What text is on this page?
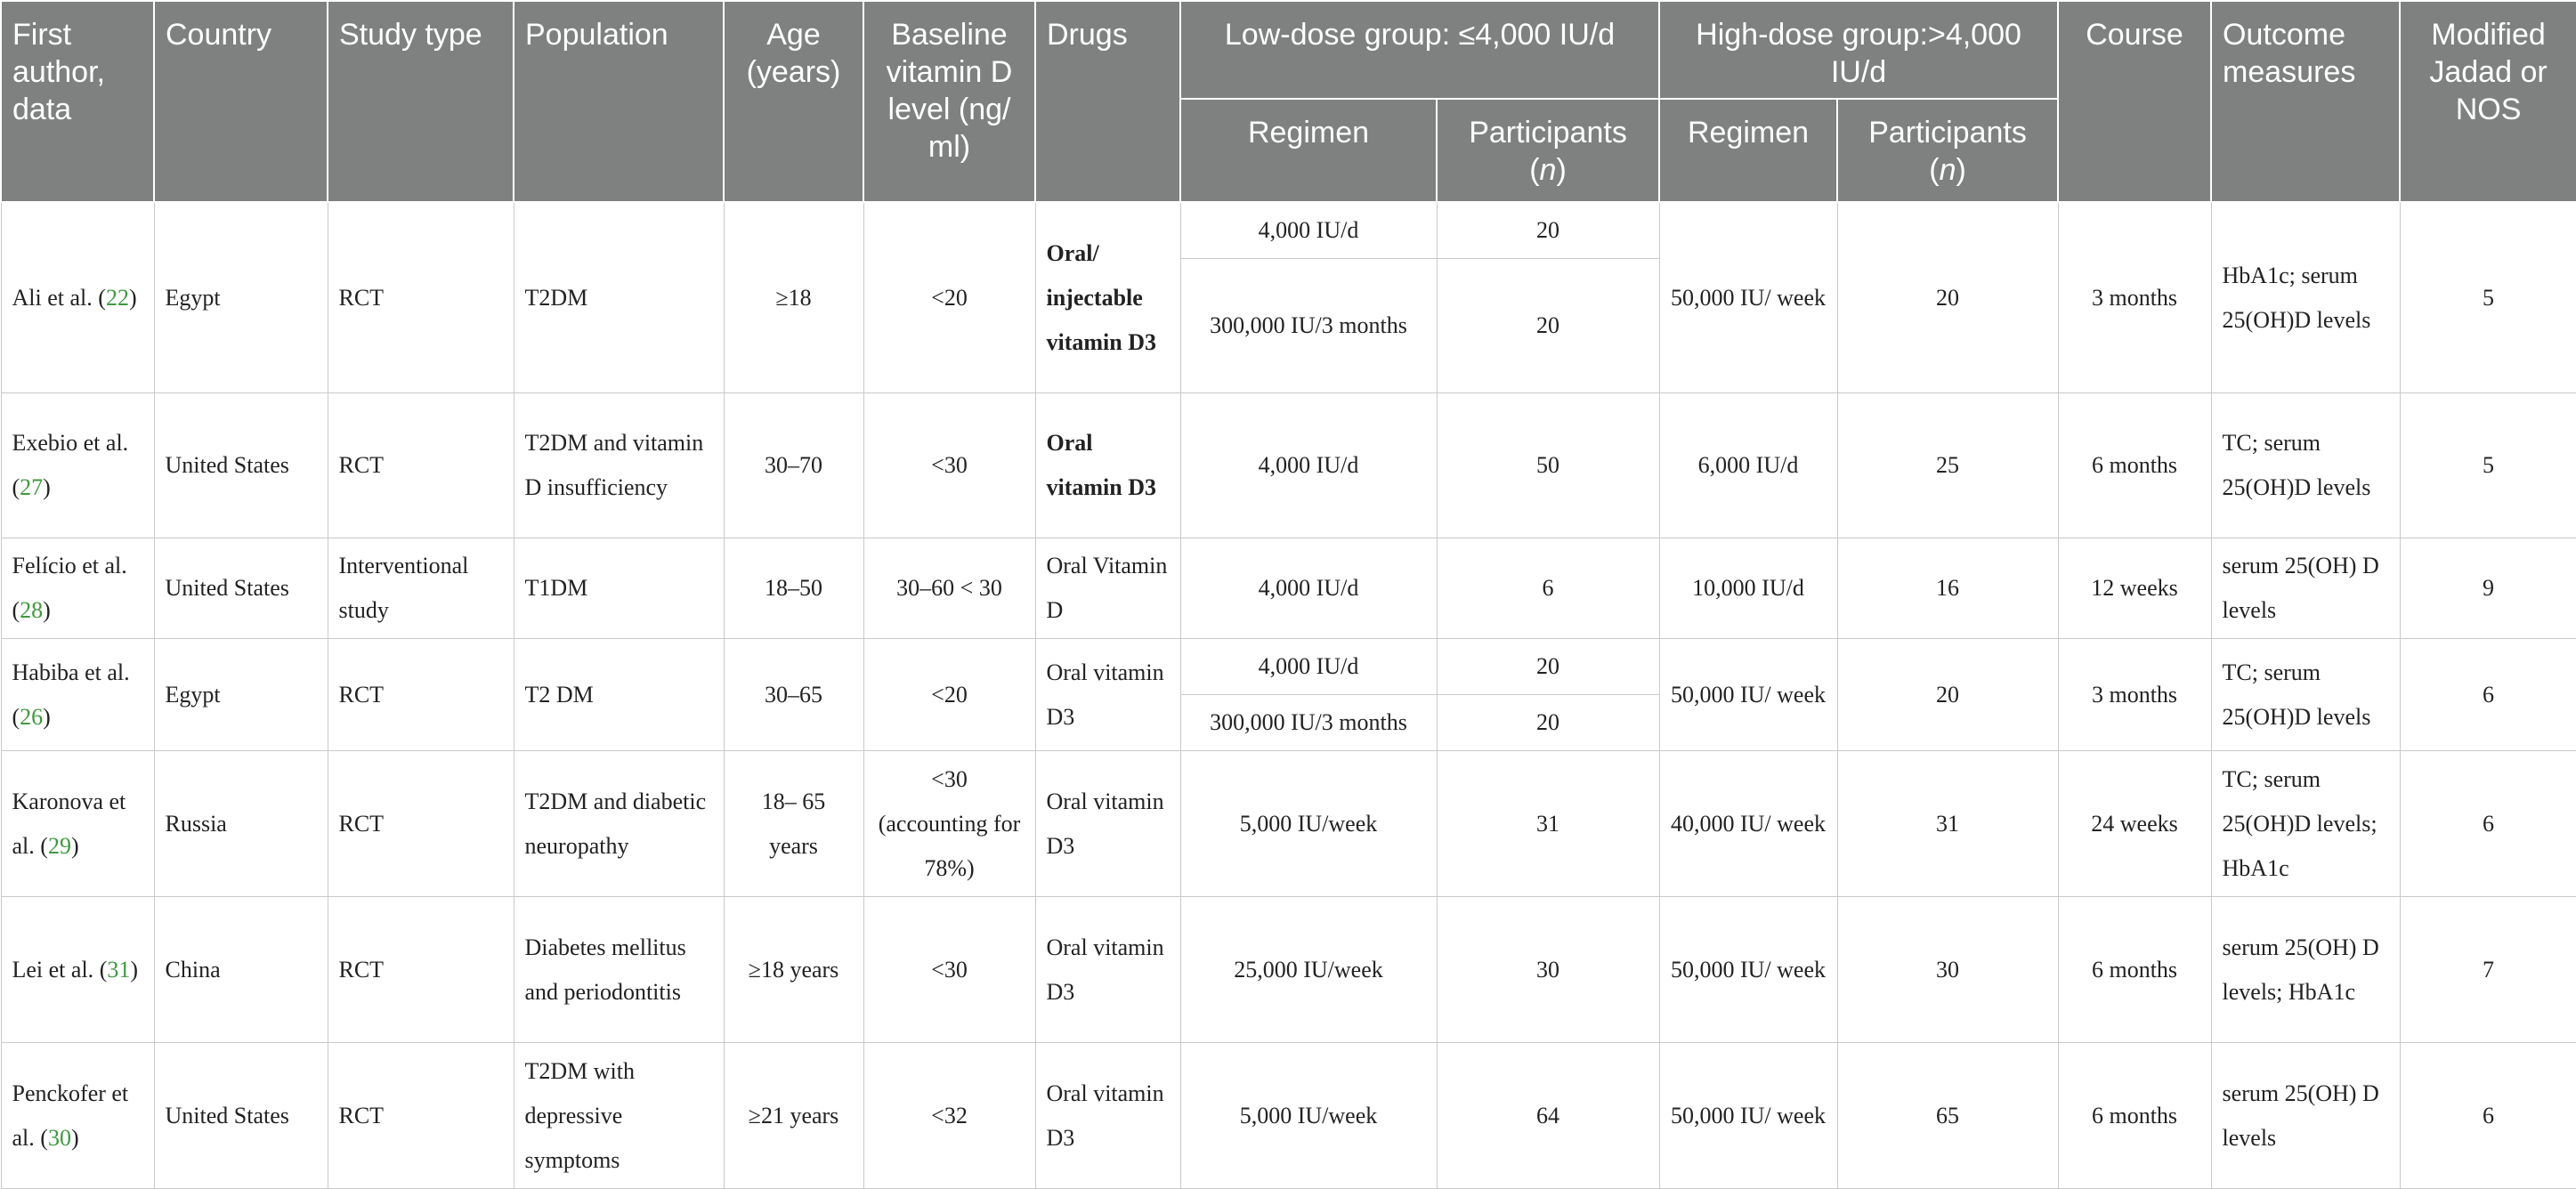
First author, data	Country	Study type	Population	Age (years)	Baseline vitamin D level (ng/ ml)	Drugs	Low-dose group: ≤4,000 IU/d		High-dose group:>4,000 IU/d		Course	Outcome measures	Modified Jadad or NOS
							Regimen	Participants (n)	Regimen	Participants (n)			
Ali et al. (22)	Egypt	RCT	T2DM	≥18	<20	Oral/ injectable vitamin D3	4,000 IU/d	20	50,000 IU/ week	20	3 months	HbA1c; serum 25(OH)D levels	5
							300,000 IU/3 months	20					
Exebio et al. (27)	United States	RCT	T2DM and vitamin D insufficiency	30–70	<30	Oral vitamin D3	4,000 IU/d	50	6,000 IU/d	25	6 months	TC; serum 25(OH)D levels	5
Felício et al. (28)	United States	Interventional study	T1DM	18–50	30–60 < 30	Oral Vitamin D	4,000 IU/d	6	10,000 IU/d	16	12 weeks	serum 25(OH) D levels	9
Habiba et al. (26)	Egypt	RCT	T2 DM	30–65	<20	Oral vitamin D3	4,000 IU/d	20	50,000 IU/ week	20	3 months	TC; serum 25(OH)D levels	6
							300,000 IU/3 months	20					
Karonova et al. (29)	Russia	RCT	T2DM and diabetic neuropathy	18– 65 years	<30 (accounting for 78%)	Oral vitamin D3	5,000 IU/week	31	40,000 IU/ week	31	24 weeks	TC; serum 25(OH)D levels; HbA1c	6
Lei et al. (31)	China	RCT	Diabetes mellitus and periodontitis	≥18 years	<30	Oral vitamin D3	25,000 IU/week	30	50,000 IU/ week	30	6 months	serum 25(OH) D levels; HbA1c	7
Penckofer et al. (30)	United States	RCT	T2DM with depressive symptoms	≥21 years	<32	Oral vitamin D3	5,000 IU/week	64	50,000 IU/ week	65	6 months	serum 25(OH) D levels	6
